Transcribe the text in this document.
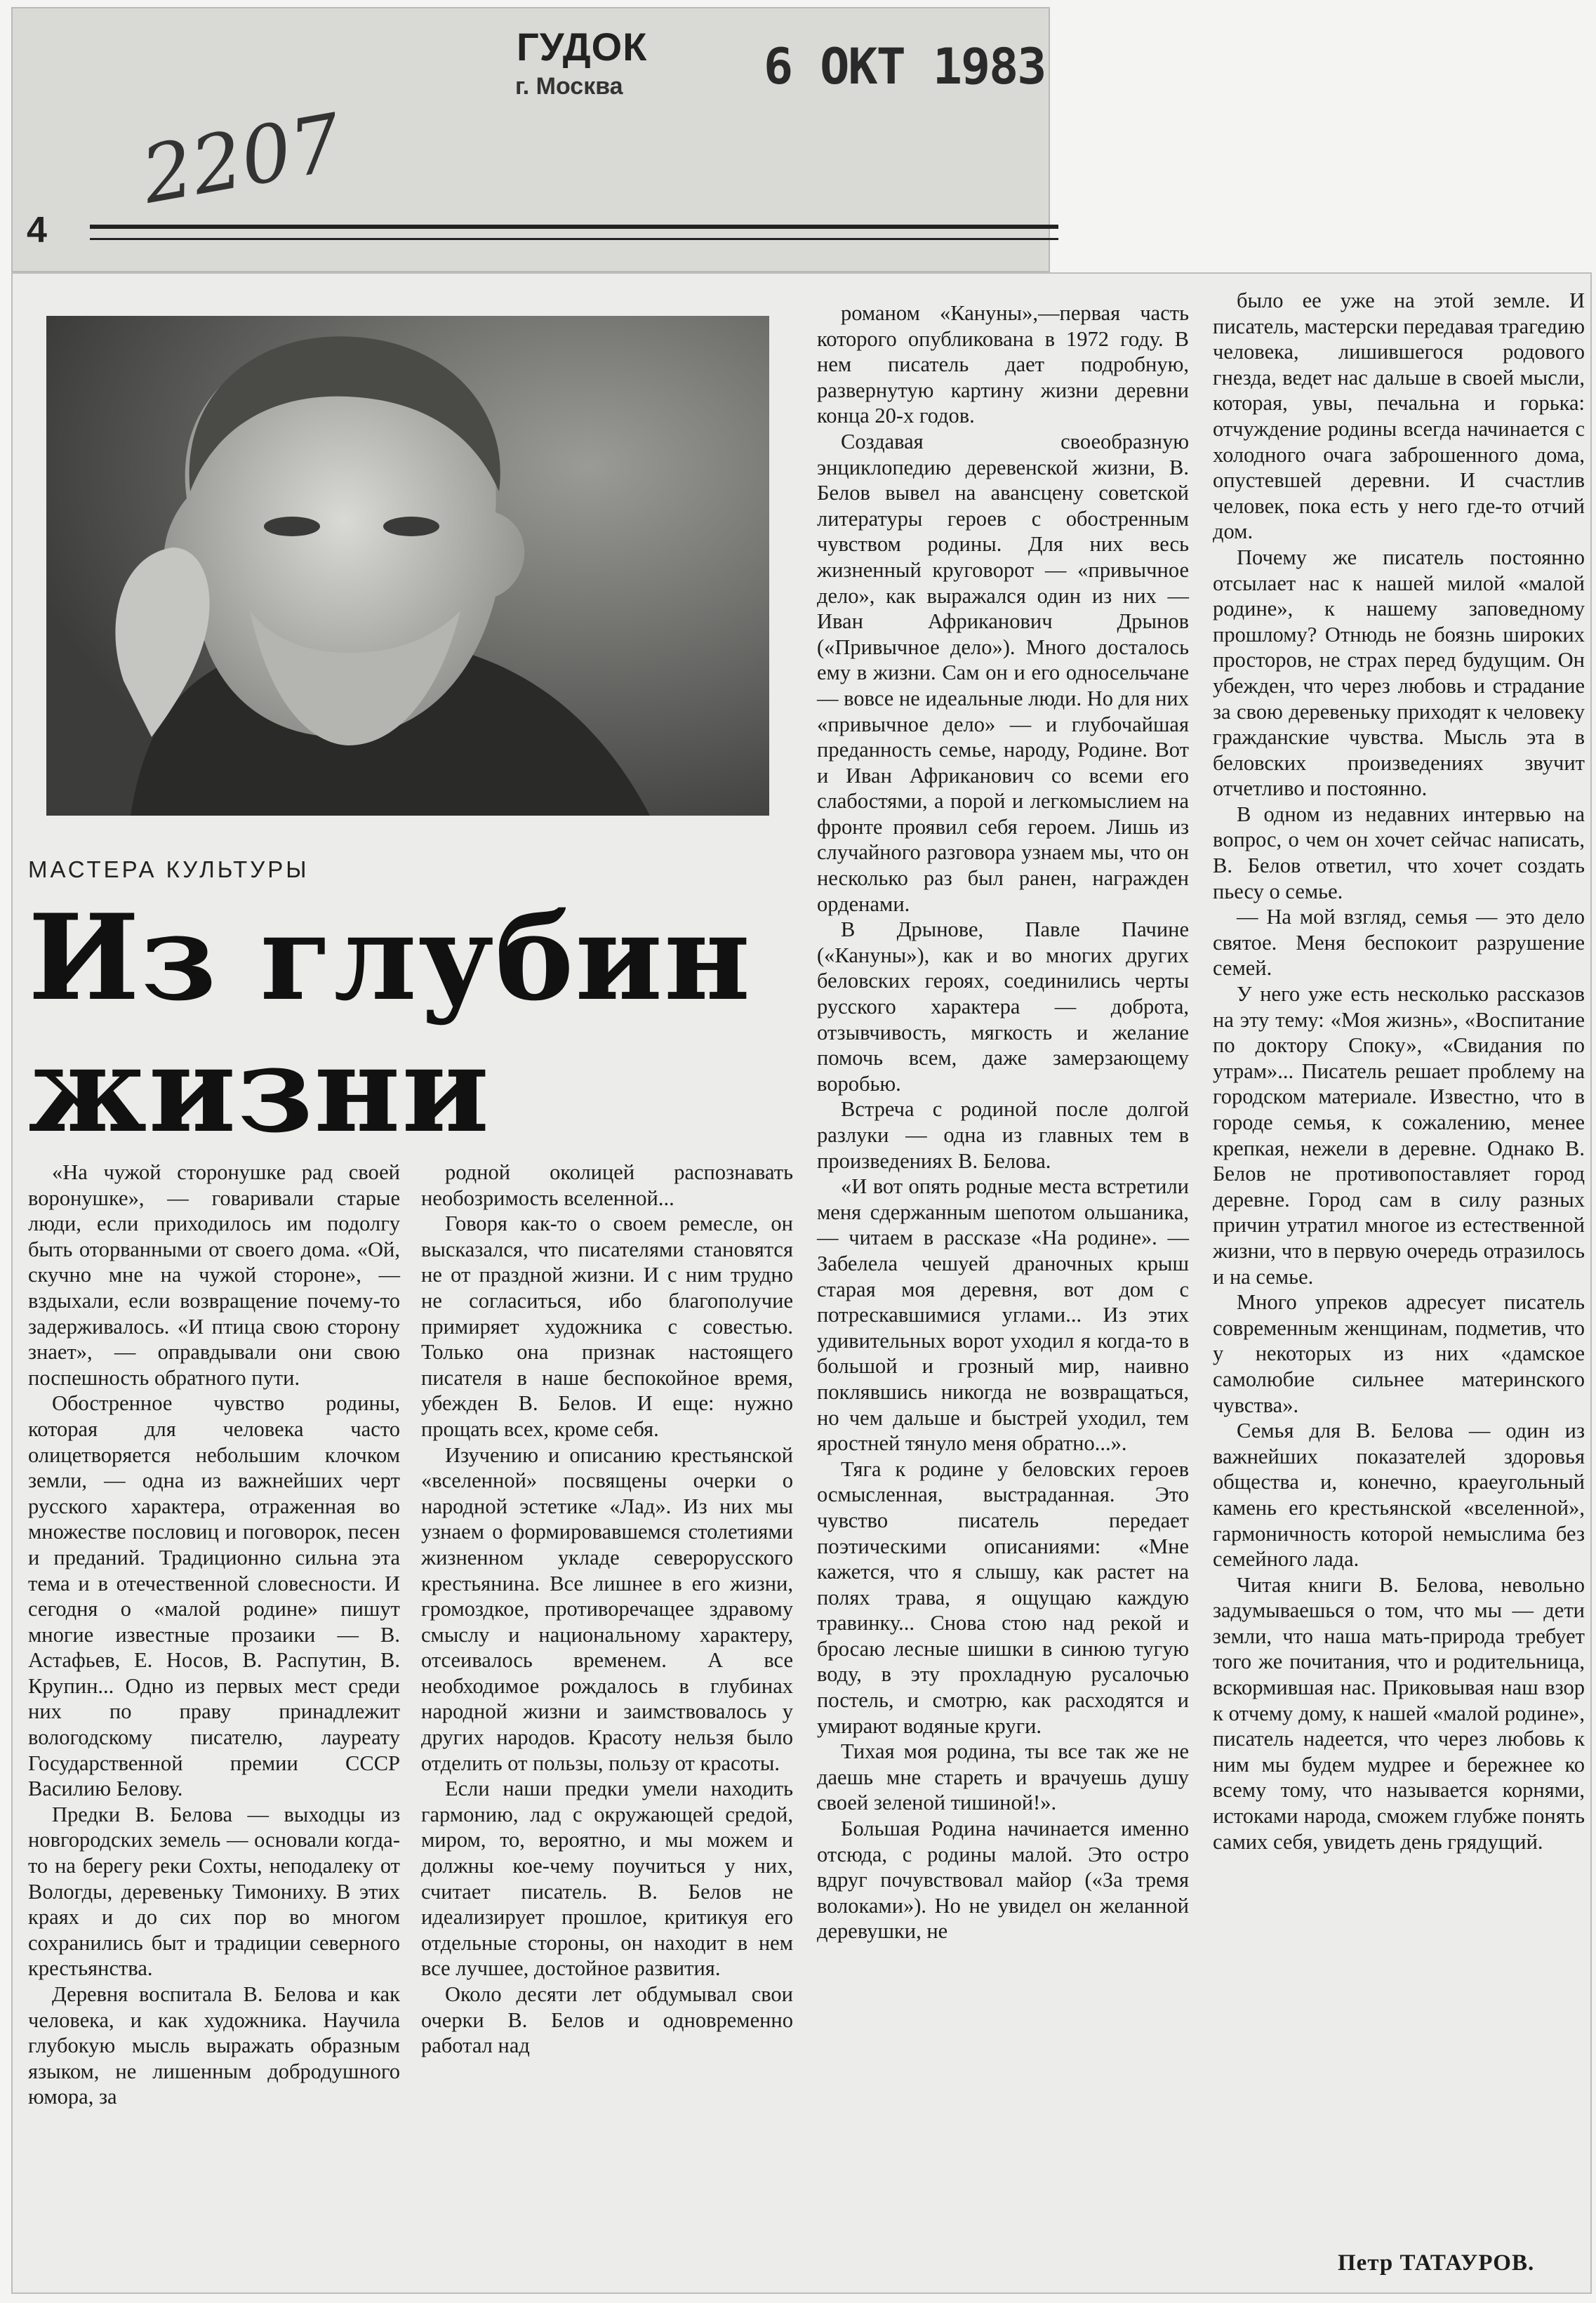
ГУДОК
г. Москва	6 ОКТ 1983
2207
4
МАСТЕРА КУЛЬТУРЫ
Из глубин жизни

«На чужой сторонушке рад своей воронушке», — говаривали старые люди, если приходилось им подолгу быть оторванными от своего дома. «Ой, скучно мне на чужой стороне», — вздыхали, если возвращение почему-то задерживалось. «И птица свою сторону знает», — оправдывали они свою поспешность обратного пути.

Обостренное чувство родины, которая для человека часто олицетворяется небольшим клочком земли, — одна из важнейших черт русского характера, отраженная во множестве пословиц и поговорок, песен и преданий. Традиционно сильна эта тема и в отечественной словесности. И сегодня о «малой родине» пишут многие известные прозаики — В. Астафьев, Е. Носов, В. Распутин, В. Крупин... Одно из первых мест среди них по праву принадлежит вологодскому писателю, лауреату Государственной премии СССР Василию Белову.

Предки В. Белова — выходцы из новгородских земель — основали когда-то на берегу реки Сохты, неподалеку от Вологды, деревеньку Тимониху. В этих краях и до сих пор во многом сохранились быт и традиции северного крестьянства.

Деревня воспитала В. Белова и как человека, и как художника. Научила глубокую мысль выражать образным языком, не лишенным добродушного юмора, за

родной околицей распознавать необозримость вселенной...

Говоря как-то о своем ремесле, он высказался, что писателями становятся не от праздной жизни. И с ним трудно не согласиться, ибо благополучие примиряет художника с совестью. Только она признак настоящего писателя в наше беспокойное время, убежден В. Белов. И еще: нужно прощать всех, кроме себя.

Изучению и описанию крестьянской «вселенной» посвящены очерки о народной эстетике «Лад». Из них мы узнаем о формировавшемся столетиями жизненном укладе северорусского крестьянина. Все лишнее в его жизни, громоздкое, противоречащее здравому смыслу и национальному характеру, отсеивалось временем. А все необходимое рождалось в глубинах народной жизни и заимствовалось у других народов. Красоту нельзя было отделить от пользы, пользу от красоты.

Если наши предки умели находить гармонию, лад с окружающей средой, миром, то, вероятно, и мы можем и должны кое-чему поучиться у них, считает писатель. В. Белов не идеализирует прошлое, критикуя его отдельные стороны, он находит в нем все лучшее, достойное развития.

Около десяти лет обдумывал свои очерки В. Белов и одновременно работал над

романом «Кануны»,—первая часть которого опубликована в 1972 году. В нем писатель дает подробную, развернутую картину жизни деревни конца 20-х годов.

Создавая своеобразную энциклопедию деревенской жизни, В. Белов вывел на авансцену советской литературы героев с обостренным чувством родины. Для них весь жизненный круговорот — «привычное дело», как выражался один из них — Иван Африканович Дрынов («Привычное дело»). Много досталось ему в жизни. Сам он и его односельчане — вовсе не идеальные люди. Но для них «привычное дело» — и глубочайшая преданность семье, народу, Родине. Вот и Иван Африканович со всеми его слабостями, а порой и легкомыслием на фронте проявил себя героем. Лишь из случайного разговора узнаем мы, что он несколько раз был ранен, награжден орденами.

В Дрынове, Павле Пачине («Кануны»), как и во многих других беловских героях, соединились черты русского характера — доброта, отзывчивость, мягкость и желание помочь всем, даже замерзающему воробью.

Встреча с родиной после долгой разлуки — одна из главных тем в произведениях В. Белова.

«И вот опять родные места встретили меня сдержанным шепотом ольшаника, — читаем в рассказе «На родине». — Забелела чешуей драночных крыш старая моя деревня, вот дом с потрескавшимися углами... Из этих удивительных ворот уходил я когда-то в большой и грозный мир, наивно поклявшись никогда не возвращаться, но чем дальше и быстрей уходил, тем яростней тянуло меня обратно...».

Тяга к родине у беловских героев осмысленная, выстраданная. Это чувство писатель передает поэтическими описаниями: «Мне кажется, что я слышу, как растет на полях трава, я ощущаю каждую травинку... Снова стою над рекой и бросаю лесные шишки в синюю тугую воду, в эту прохладную русалочью постель, и смотрю, как расходятся и умирают водяные круги.

Тихая моя родина, ты все так же не даешь мне стареть и врачуешь душу своей зеленой тишиной!».

Большая Родина начинается именно отсюда, с родины малой. Это остро вдруг почувствовал майор («За тремя волоками»). Но не увидел он желанной деревушки, не

было ее уже на этой земле. И писатель, мастерски передавая трагедию человека, лишившегося родового гнезда, ведет нас дальше в своей мысли, которая, увы, печальна и горька: отчуждение родины всегда начинается с холодного очага заброшенного дома, опустевшей деревни. И счастлив человек, пока есть у него где-то отчий дом.

Почему же писатель постоянно отсылает нас к нашей милой «малой родине», к нашему заповедному прошлому? Отнюдь не боязнь широких просторов, не страх перед будущим. Он убежден, что через любовь и страдание за свою деревеньку приходят к человеку гражданские чувства. Мысль эта в беловских произведениях звучит отчетливо и постоянно.

В одном из недавних интервью на вопрос, о чем он хочет сейчас написать, В. Белов ответил, что хочет создать пьесу о семье.

— На мой взгляд, семья — это дело святое. Меня беспокоит разрушение семей.

У него уже есть несколько рассказов на эту тему: «Моя жизнь», «Воспитание по доктору Споку», «Свидания по утрам»... Писатель решает проблему на городском материале. Известно, что в городе семья, к сожалению, менее крепкая, нежели в деревне. Однако В. Белов не противопоставляет город деревне. Город сам в силу разных причин утратил многое из естественной жизни, что в первую очередь отразилось и на семье.

Много упреков адресует писатель современным женщинам, подметив, что у некоторых из них «дамское самолюбие сильнее материнского чувства».

Семья для В. Белова — один из важнейших показателей здоровья общества и, конечно, краеугольный камень его крестьянской «вселенной», гармоничность которой немыслима без семейного лада.

Читая книги В. Белова, невольно задумываешься о том, что мы — дети земли, что наша мать-природа требует того же почитания, что и родительница, вскормившая нас. Приковывая наш взор к отчему дому, к нашей «малой родине», писатель надеется, что через любовь к ним мы будем мудрее и бережнее ко всему тому, что называется корнями, истоками народа, сможем глубже понять самих себя, увидеть день грядущий.

Петр ТАТАУРОВ.
